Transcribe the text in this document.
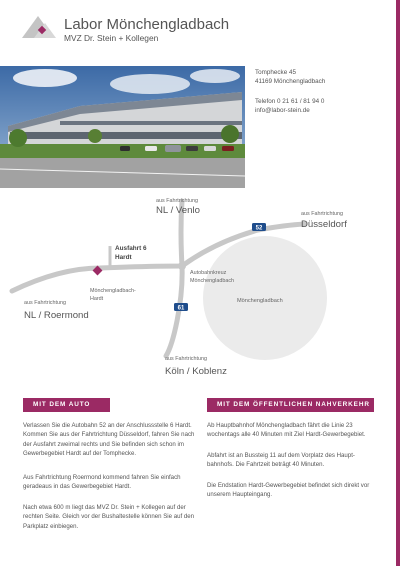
Labor Mönchengladbach
MVZ Dr. Stein + Kollegen
Tomphecke 45
41169 Mönchengladbach
Telefon 0 21 61 / 81 94 0
info@labor-stein.de
52
61
aus Fahrtrichtung
NL / Venlo	aus Fahrtrichtung
Düsseldorf
Ausfahrt 6
Hardt
Autobahnkreuz
Mönchengladbach
Mönchengladbach-
Hardt	Mönchengladbach
aus Fahrtrichtung
NL / Roermond
aus Fahrtrichtung
Köln / Koblenz
MIT DEM AUTO
Verlassen Sie die Autobahn 52 an der Anschlussstelle 6 Hardt.
Kommen Sie aus der Fahrtrichtung Düsseldorf, fahren Sie nach
der Ausfahrt zweimal rechts und Sie befinden sich schon im
Gewerbegebiet Hardt auf der Tomphecke.
Aus Fahrtrichtung Roermond kommend fahren Sie einfach
geradeaus in das Gewerbegebiet Hardt.
Nach etwa 600 m liegt das MVZ Dr. Stein + Kollegen auf der
rechten Seite. Gleich vor der Bushaltestelle können Sie auf den
Parkplatz einbiegen.
MIT DEM ÖFFENTLICHEN NAHVERKEHR
Ab Hauptbahnhof Mönchengladbach fährt die Linie 23
wochentags alle 40 Minuten mit Ziel Hardt-Gewerbegebiet.
Abfahrt ist an Bussteig 11 auf dem Vorplatz des Haupt-
bahnhofs. Die Fahrtzeit beträgt 40 Minuten.
Die Endstation Hardt-Gewerbegebiet befindet sich direkt vor
unserem Haupteingang.
